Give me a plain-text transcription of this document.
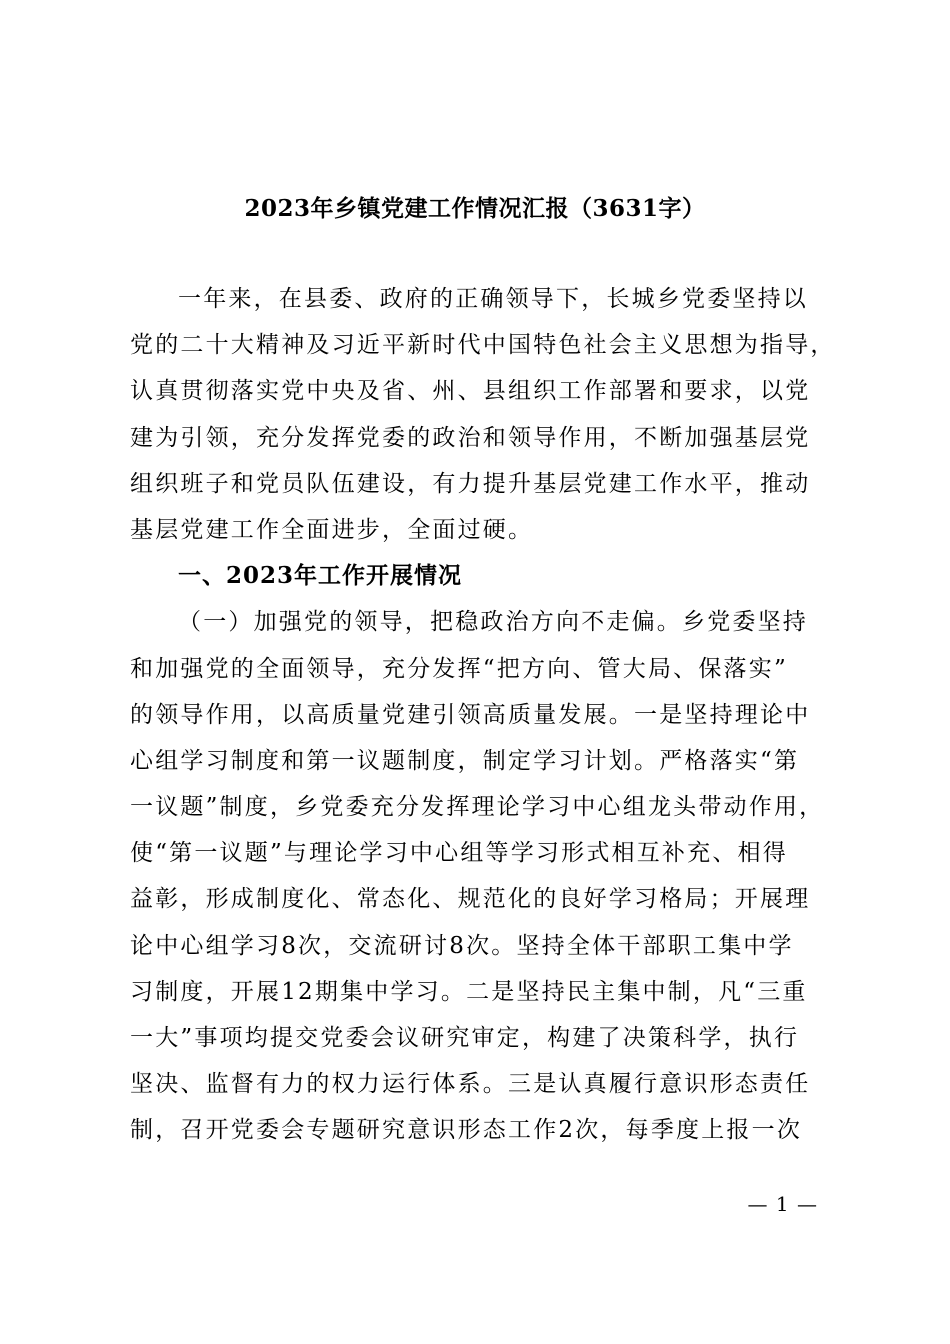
2023年乡镇党建工作情况汇报（3631字）
一年来，在县委、政府的正确领导下，长城乡党委坚持以
党的二十大精神及习近平新时代中国特色社会主义思想为指导，
认真贯彻落实党中央及省、州、县组织工作部署和要求，以党
建为引领，充分发挥党委的政治和领导作用，不断加强基层党
组织班子和党员队伍建设，有力提升基层党建工作水平，推动
基层党建工作全面进步，全面过硬。
一、2023年工作开展情况
（一）加强党的领导，把稳政治方向不走偏。乡党委坚持
和加强党的全面领导，充分发挥“把方向、管大局、保落实”
的领导作用，以高质量党建引领高质量发展。一是坚持理论中
心组学习制度和第一议题制度，制定学习计划。严格落实“第
一议题”制度，乡党委充分发挥理论学习中心组龙头带动作用，
使“第一议题”与理论学习中心组等学习形式相互补充、相得
益彰，形成制度化、常态化、规范化的良好学习格局；开展理
论中心组学习8次，交流研讨8次。坚持全体干部职工集中学
习制度，开展12期集中学习。二是坚持民主集中制，凡“三重
一大”事项均提交党委会议研究审定，构建了决策科学，执行
坚决、监督有力的权力运行体系。三是认真履行意识形态责任
制，召开党委会专题研究意识形态工作2次，每季度上报一次
— 1 —
